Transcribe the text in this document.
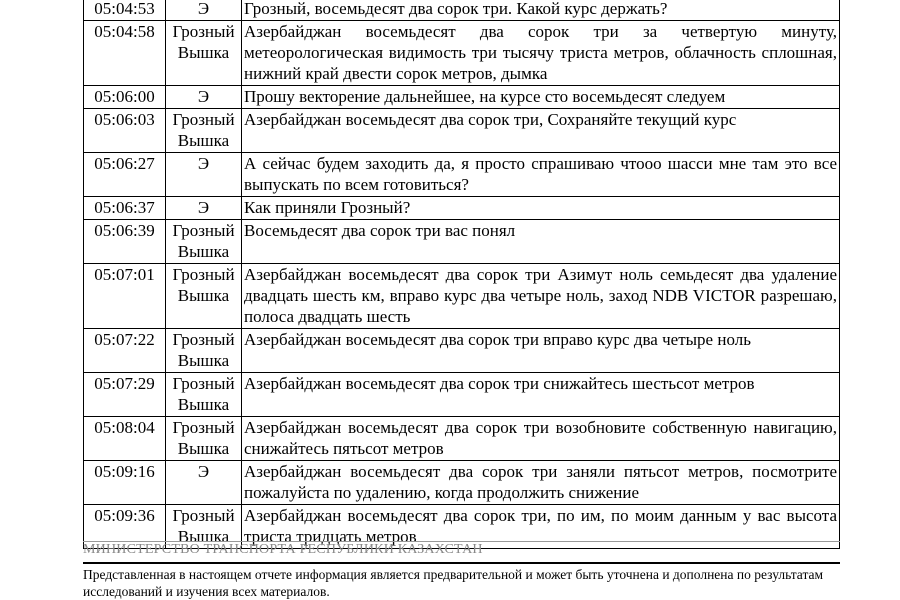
05:04:53	Э	Грозный, восемьдесят два сорок три. Какой курс держать?
05:04:58	Грозный Вышка	Азербайджан восемьдесят два сорок три за четвертую минуту, метеорологическая видимость три тысячу триста метров, облачность сплошная, нижний край двести сорок метров, дымка
05:06:00	Э	Прошу векторение дальнейшее, на курсе сто восемьдесят следуем
05:06:03	Грозный Вышка	Азербайджан восемьдесят два сорок три, Сохраняйте текущий курс
05:06:27	Э	А сейчас будем заходить да, я просто спрашиваю чтооо шасси мне там это все выпускать по всем готовиться?
05:06:37	Э	Как приняли Грозный?
05:06:39	Грозный Вышка	Восемьдесят два сорок три вас понял
05:07:01	Грозный Вышка	Азербайджан восемьдесят два сорок три Азимут ноль семьдесят два удаление двадцать шесть км, вправо курс два четыре ноль, заход NDB VICTOR разрешаю, полоса двадцать шесть
05:07:22	Грозный Вышка	Азербайджан восемьдесят два сорок три вправо курс два четыре ноль
05:07:29	Грозный Вышка	Азербайджан восемьдесят два сорок три снижайтесь шестьсот метров
05:08:04	Грозный Вышка	Азербайджан восемьдесят два сорок три возобновите собственную навигацию, снижайтесь пятьсот метров
05:09:16	Э	Азербайджан восемьдесят два сорок три заняли пятьсот метров, посмотрите пожалуйста по удалению, когда продолжить снижение
05:09:36	Грозный Вышка	Азербайджан восемьдесят два сорок три, по им, по моим данным у вас высота триста тридцать метров
МИНИСТЕРСТВО ТРАНСПОРТА РЕСПУБЛИКИ КАЗАХСТАН
Представленная в настоящем отчете информация является предварительной и может быть уточнена и дополнена по результатам исследований и изучения всех материалов.
